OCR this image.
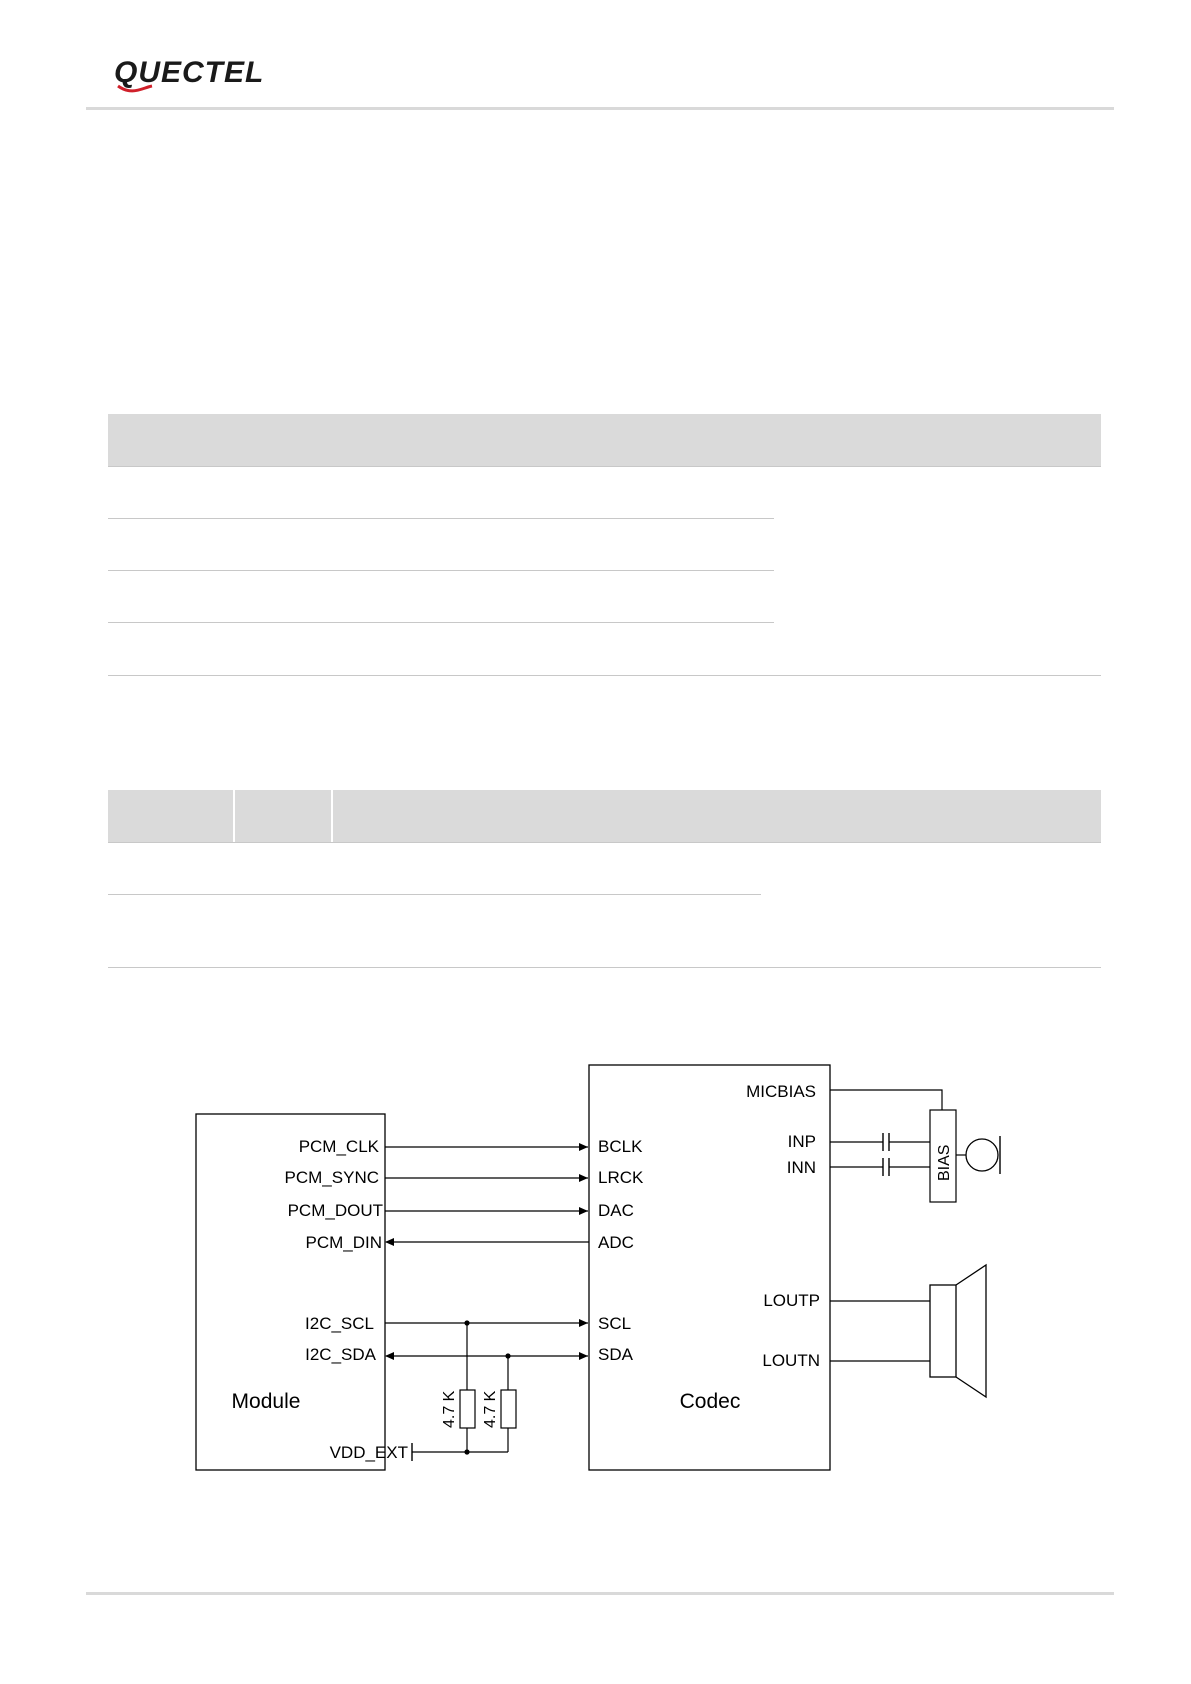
QUECTEL
Module	Codec
PCM_CLK
PCM_SYNC
PCM_DOUT
PCM_DIN
I2C_SCL
I2C_SDA
BCLK
LRCK
DAC
ADC
SCL
SDA
MICBIAS
INP
INN
LOUTP
LOUTN
VDD_EXT
4.7 K 4.7 K
BIAS
